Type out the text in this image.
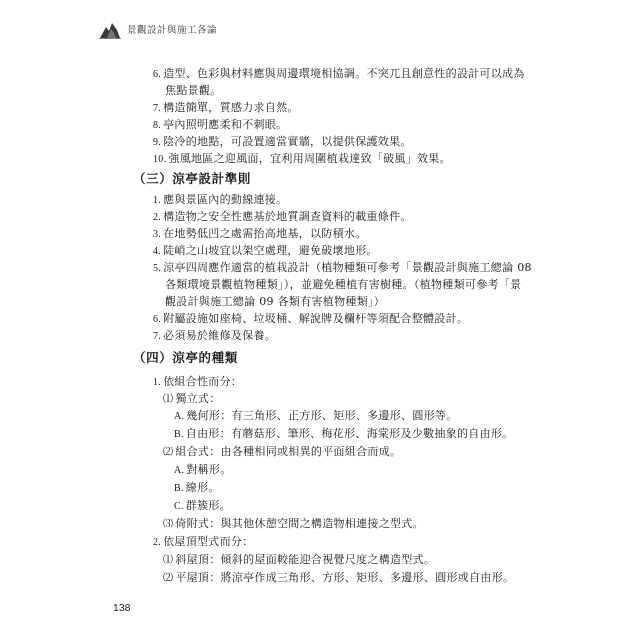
景觀設計與施工各論
6. 造型、色彩與材料應與周邊環境相協調。不突兀且創意性的設計可以成為
焦點景觀。
7. 構造簡單，質感力求自然。
8. 亭內照明應柔和不刺眼。
9. 陰冷的地點，可設置適當實牆，以提供保護效果。
10. 強風地區之迎風面，宜利用周圍植栽達致「破風」效果。
（三）涼亭設計準則
1. 應與景區內的動線連接。
2. 構造物之安全性應基於地質調查資料的載重條件。
3. 在地勢低凹之處需抬高地基，以防積水。
4. 陡峭之山坡宜以架空處理，避免破壞地形。
5. 涼亭四周應作適當的植栽設計（植物種類可參考「景觀設計與施工總論 08
各類環境景觀植物種類」），並避免種植有害樹種。（植物種類可參考「景
觀設計與施工總論 09 各類有害植物種類」）
6. 附屬設施如座椅、垃圾桶、解說牌及欄杆等須配合整體設計。
7. 必須易於維修及保養。
（四）涼亭的種類
1. 依組合性而分：
⑴ 獨立式：
A. 幾何形：有三角形、正方形、矩形、多邊形、圓形等。
B. 自由形：有蘑菇形、筆形、梅花形、海棠形及少數抽象的自由形。
⑵ 組合式：由各種相同或相異的平面組合而成。
A. 對稱形。
B. 線形。
C. 群簇形。
⑶ 倚附式：與其他休憩空間之構造物相連接之型式。
2. 依屋頂型式而分：
⑴ 斜屋頂：傾斜的屋面較能迎合視覺尺度之構造型式。
⑵ 平屋頂：將涼亭作成三角形、方形、矩形、多邊形、圓形或自由形。
138
